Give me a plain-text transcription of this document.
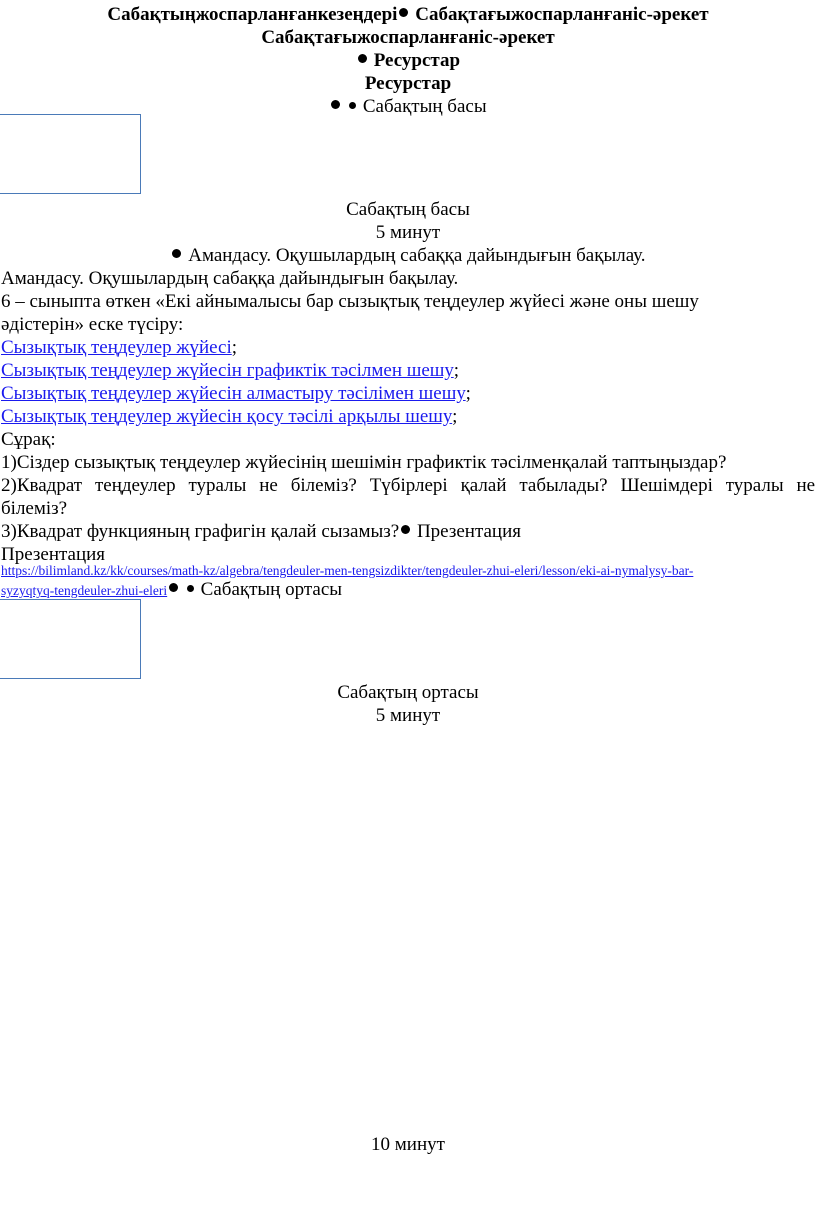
Сабақтыңжоспарланғанкезеңдері Сабақтағыжоспарланғаніс-әрекет
Сабақтағыжоспарланғаніс-әрекет
Ресурстар
Ресурстар
Сабақтың басы
Сабақтың басы
5 минут
Амандасу. Оқушылардың сабаққа дайындығын бақылау.
Амандасу. Оқушылардың сабаққа дайындығын бақылау.
6 – сыныпта өткен «Екі айнымалысы бар сызықтық теңдеулер жүйесі және оны шешу
әдістерін» еске түсіру:
Сызықтық теңдеулер жүйесі;
Сызықтық теңдеулер жүйесін графиктік тәсілмен шешу;
Сызықтық теңдеулер жүйесін алмастыру тәсілімен шешу;
Сызықтық теңдеулер жүйесін қосу тәсілі арқылы шешу;
Сұрақ:
1)Сіздер сызықтық теңдеулер жүйесінің шешімін графиктік тәсілменқалай таптыңыздар?
2)Квадрат теңдеулер туралы не білеміз? Түбірлері қалай табылады? Шешімдері туралы не
білеміз?
3)Квадрат функцияның графигін қалай сызамыз? Презентация
Презентация
https://bilimland.kz/kk/courses/math-kz/algebra/tengdeuler-men-tengsizdikter/tengdeuler-zhui-eleri/lesson/eki-ai-nymalysy-bar-
syzyqtyq-tengdeuler-zhui-eleri Сабақтың ортасы
Сабақтың ортасы
5 минут
10 минут
